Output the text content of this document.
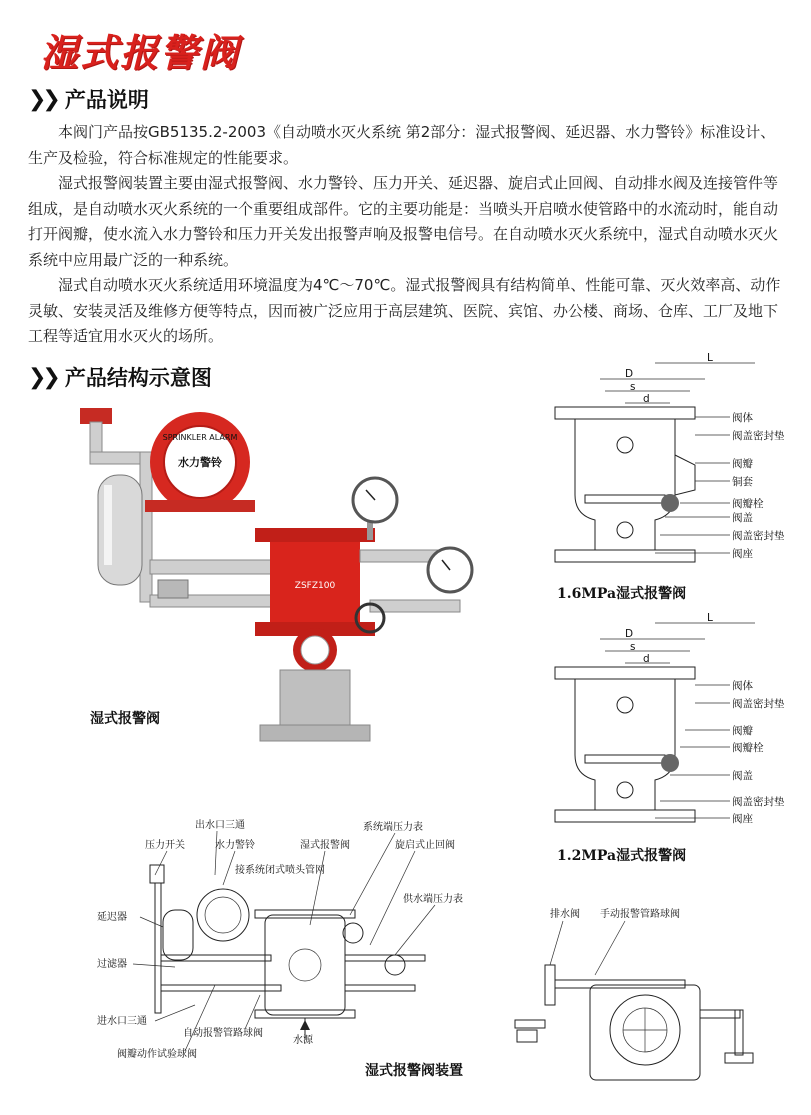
湿式报警阀
❯❯ 产品说明

本阀门产品按GB5135.2-2003《自动喷水灭火系统 第2部分：湿式报警阀、延迟器、水力警铃》标准设计、生产及检验，符合标准规定的性能要求。

湿式报警阀装置主要由湿式报警阀、水力警铃、压力开关、延迟器、旋启式止回阀、自动排水阀及连接管件等组成，是自动喷水灭火系统的一个重要组成部件。它的主要功能是：当喷头开启喷水使管路中的水流动时，能自动打开阀瓣，使水流入水力警铃和压力开关发出报警声响及报警电信号。在自动喷水灭火系统中，湿式自动喷水灭火系统中应用最广泛的一种系统。

湿式自动喷水灭火系统适用环境温度为4℃～70℃。湿式报警阀具有结构简单、性能可靠、灭火效率高、动作灵敏、安装灵活及维修方便等特点，因而被广泛应用于高层建筑、医院、宾馆、办公楼、商场、仓库、工厂及地下工程等适宜用水灭火的场所。

❯❯ 产品结构示意图
SPRINKLER ALARM
水力警铃
ZSFZ100
湿式报警阀
L
D
s
d
阀体
阀盖密封垫
阀瓣
铜套
阀瓣栓
阀盖
阀盖密封垫
阀座
1.6MPa湿式报警阀
L
D
s
d
阀体
阀盖密封垫
阀瓣
阀瓣栓
阀盖
阀盖密封垫
阀座
1.2MPa湿式报警阀
出水口三通
压力开关	水力警铃	湿式报警阀
系统端压力表
旋启式止回阀
接系统闭式喷头管网
供水端压力表
延迟器
过滤器
进水口三通
自动报警管路球阀
水源
阀瓣动作试验球阀
湿式报警阀装置
排水阀 手动报警管路球阀
